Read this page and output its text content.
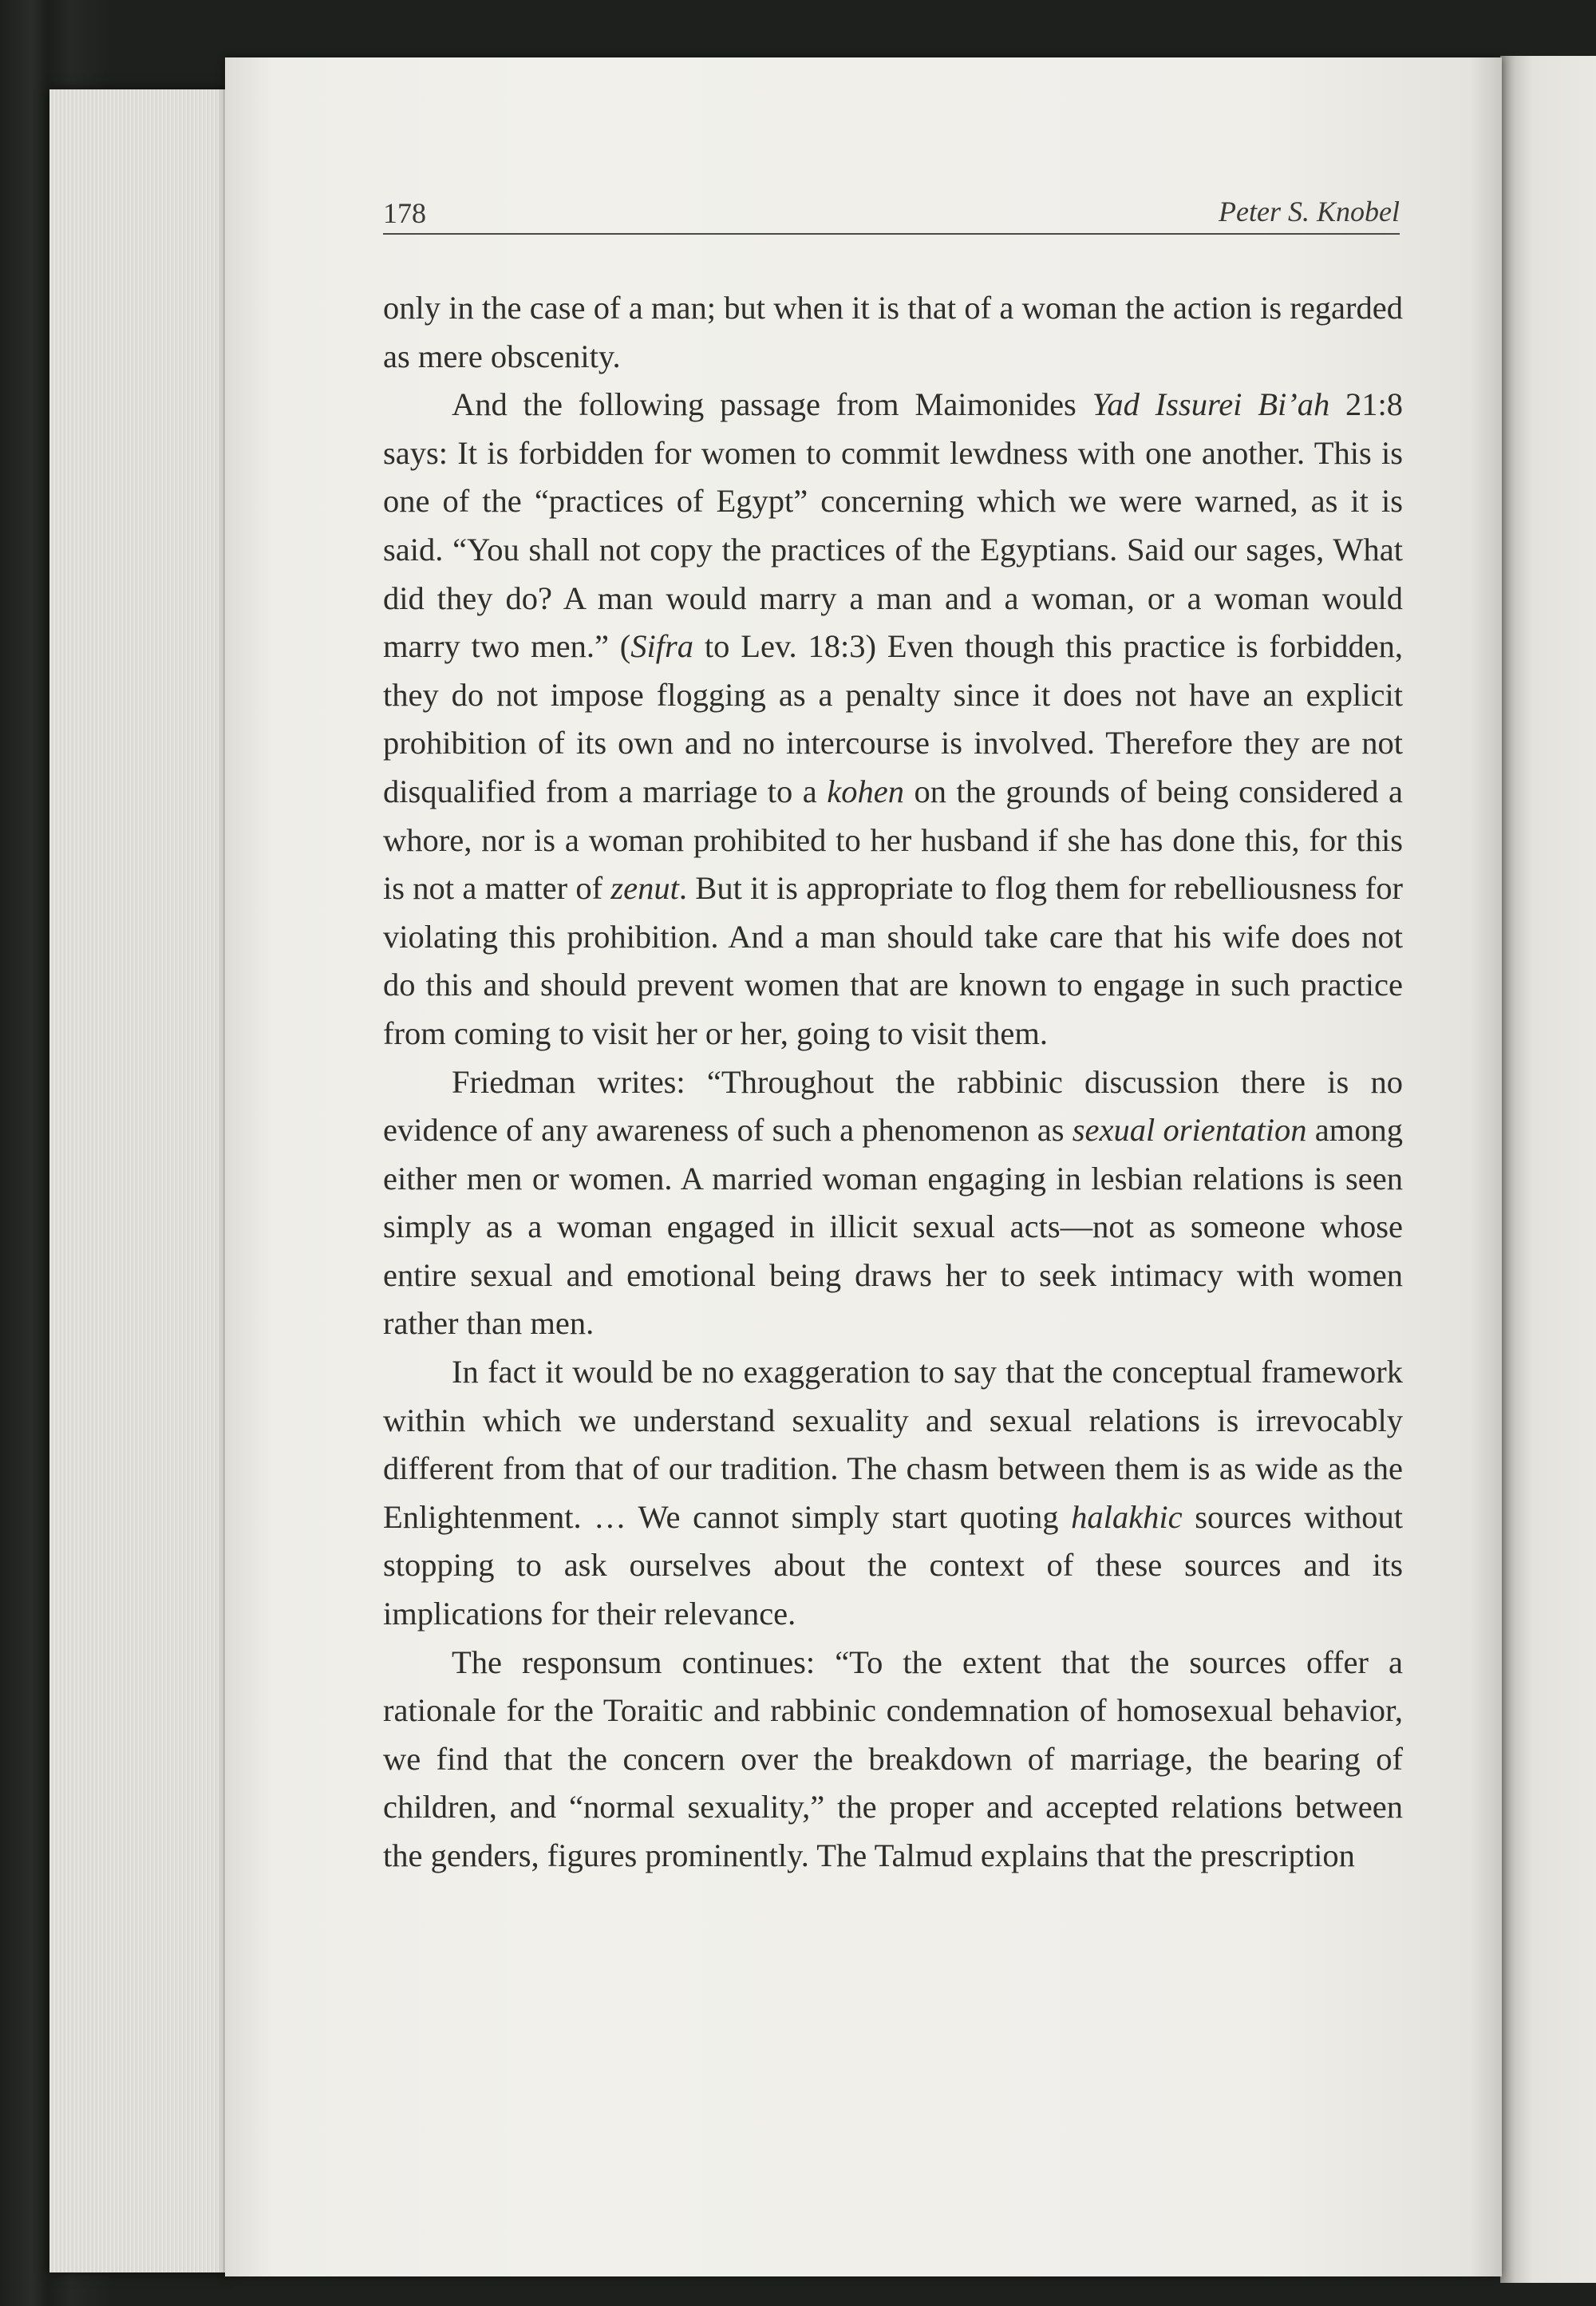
178	Peter S. Knobel

only in the case of a man; but when it is that of a woman the action is regarded as mere obscenity.

And the following passage from Maimonides Yad Issurei Bi’ah 21:8 says: It is forbidden for women to commit lewdness with one another. This is one of the “practices of Egypt” concerning which we were warned, as it is said. “You shall not copy the practices of the Egyptians. Said our sages, What did they do? A man would marry a man and a woman, or a woman would marry two men.” (Sifra to Lev. 18:3) Even though this practice is forbidden, they do not impose flogging as a penalty since it does not have an explicit prohibition of its own and no intercourse is involved. Therefore they are not disqualified from a marriage to a kohen on the grounds of being considered a whore, nor is a woman prohibited to her husband if she has done this, for this is not a matter of zenut. But it is appropriate to flog them for rebelliousness for violating this prohibition. And a man should take care that his wife does not do this and should prevent women that are known to engage in such practice from coming to visit her or her, going to visit them.

Friedman writes: “Throughout the rabbinic discussion there is no evidence of any awareness of such a phenomenon as sexual orientation among either men or women. A married woman engaging in lesbian relations is seen simply as a woman engaged in illicit sexual acts—not as someone whose entire sexual and emotional being draws her to seek intimacy with women rather than men.

In fact it would be no exaggeration to say that the conceptual framework within which we understand sexuality and sexual relations is irrevocably different from that of our tradition. The chasm between them is as wide as the Enlightenment. … We cannot simply start quoting halakhic sources without stopping to ask ourselves about the context of these sources and its implications for their relevance.

The responsum continues: “To the extent that the sources offer a rationale for the Toraitic and rabbinic condemnation of homosexual behavior, we find that the concern over the breakdown of marriage, the bearing of children, and “normal sexuality,” the proper and accepted relations between the genders, figures prominently. The Talmud explains that the prescription
